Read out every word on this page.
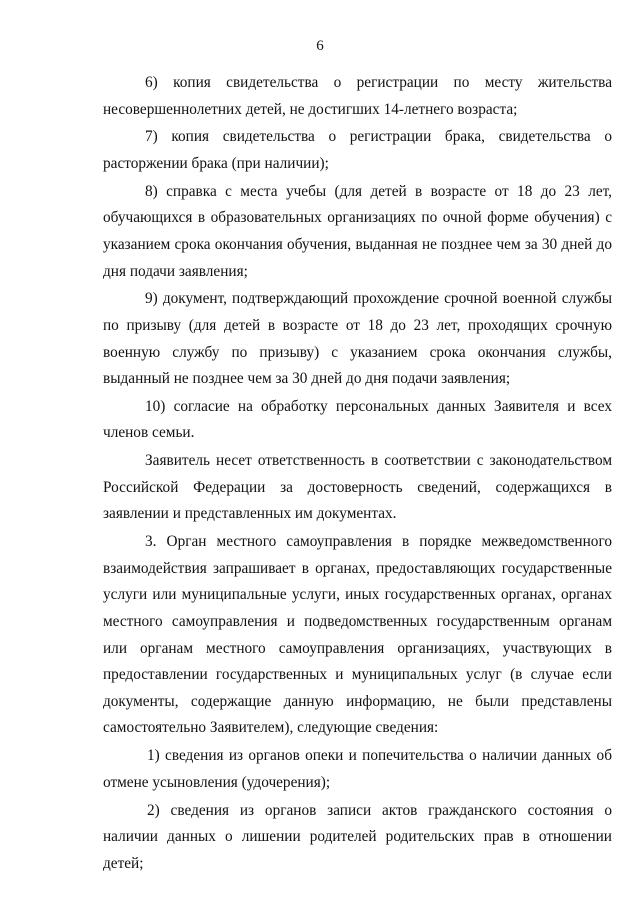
6

6) копия свидетельства о регистрации по месту жительства несовершеннолетних детей, не достигших 14-летнего возраста;

7) копия свидетельства о регистрации брака, свидетельства о расторжении брака (при наличии);

8) справка с места учебы (для детей в возрасте от 18 до 23 лет, обучающихся в образовательных организациях по очной форме обучения) с указанием срока окончания обучения, выданная не позднее чем за 30 дней до дня подачи заявления;

9) документ, подтверждающий прохождение срочной военной службы по призыву (для детей в возрасте от 18 до 23 лет, проходящих срочную военную службу по призыву) с указанием срока окончания службы, выданный не позднее чем за 30 дней до дня подачи заявления;

10) согласие на обработку персональных данных Заявителя и всех членов семьи.

Заявитель несет ответственность в соответствии с законодательством Российской Федерации за достоверность сведений, содержащихся в заявлении и представленных им документах.

3. Орган местного самоуправления в порядке межведомственного взаимодействия запрашивает в органах, предоставляющих государственные услуги или муниципальные услуги, иных государственных органах, органах местного самоуправления и подведомственных государственным органам или органам местного самоуправления организациях, участвующих в предоставлении государственных и муниципальных услуг (в случае если документы, содержащие данную информацию, не были представлены самостоятельно Заявителем), следующие сведения:

1) сведения из органов опеки и попечительства о наличии данных об отмене усыновления (удочерения);

2) сведения из органов записи актов гражданского состояния о наличии данных о лишении родителей родительских прав в отношении детей;
